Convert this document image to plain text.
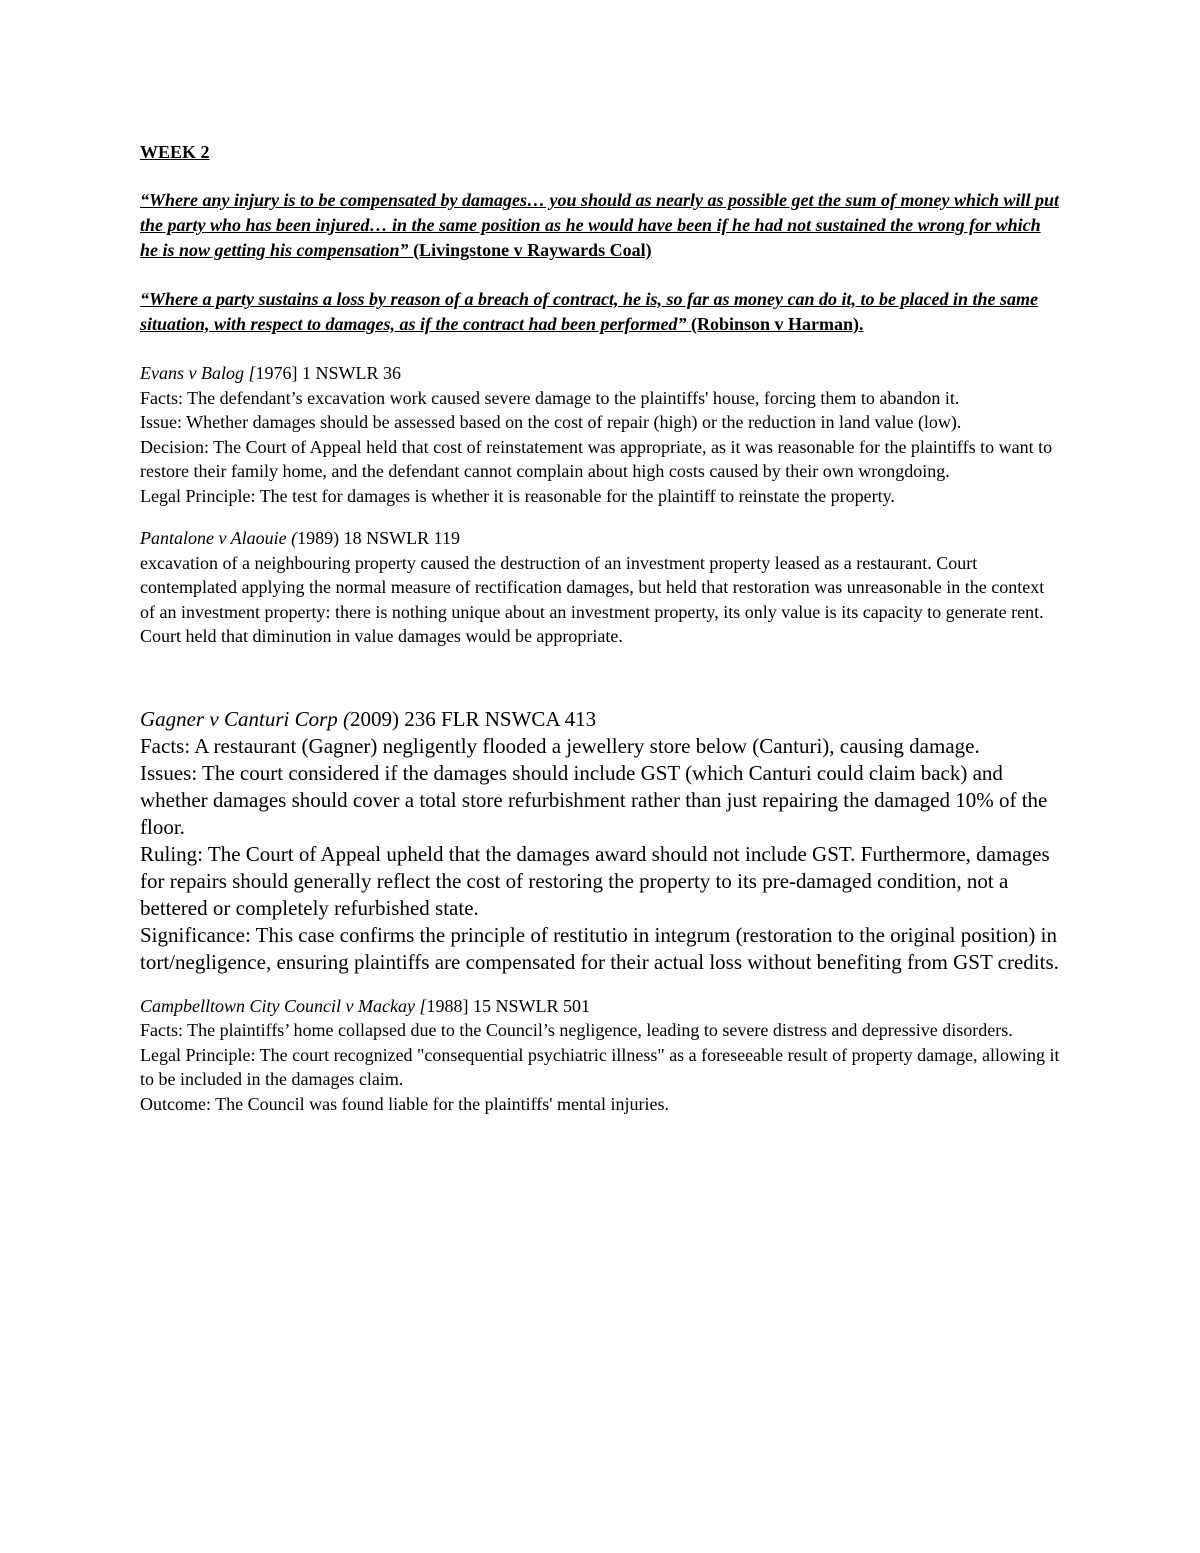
WEEK 2

“Where any injury is to be compensated by damages… you should as nearly as possible get the sum of money which will put the party who has been injured… in the same position as he would have been if he had not sustained the wrong for which he is now getting his compensation” (Livingstone v Raywards Coal)

“Where a party sustains a loss by reason of a breach of contract, he is, so far as money can do it, to be placed in the same situation, with respect to damages, as if the contract had been performed” (Robinson v Harman).

Evans v Balog [1976] 1 NSWLR 36

Facts: The defendant’s excavation work caused severe damage to the plaintiffs' house, forcing them to abandon it.

Issue: Whether damages should be assessed based on the cost of repair (high) or the reduction in land value (low).

Decision: The Court of Appeal held that cost of reinstatement was appropriate, as it was reasonable for the plaintiffs to want to restore their family home, and the defendant cannot complain about high costs caused by their own wrongdoing.

Legal Principle: The test for damages is whether it is reasonable for the plaintiff to reinstate the property.

Pantalone v Alaouie (1989) 18 NSWLR 119

excavation of a neighbouring property caused the destruction of an investment property leased as a restaurant. Court contemplated applying the normal measure of rectification damages, but held that restoration was unreasonable in the context of an investment property: there is nothing unique about an investment property, its only value is its capacity to generate rent. Court held that diminution in value damages would be appropriate.

Gagner v Canturi Corp (2009) 236 FLR NSWCA 413

Facts: A restaurant (Gagner) negligently flooded a jewellery store below (Canturi), causing damage.

Issues: The court considered if the damages should include GST (which Canturi could claim back) and whether damages should cover a total store refurbishment rather than just repairing the damaged 10% of the floor.

Ruling: The Court of Appeal upheld that the damages award should not include GST. Furthermore, damages for repairs should generally reflect the cost of restoring the property to its pre-damaged condition, not a bettered or completely refurbished state.

Significance: This case confirms the principle of restitutio in integrum (restoration to the original position) in tort/negligence, ensuring plaintiffs are compensated for their actual loss without benefiting from GST credits.

Campbelltown City Council v Mackay [1988] 15 NSWLR 501

Facts: The plaintiffs’ home collapsed due to the Council’s negligence, leading to severe distress and depressive disorders.

Legal Principle: The court recognized "consequential psychiatric illness" as a foreseeable result of property damage, allowing it to be included in the damages claim.

Outcome: The Council was found liable for the plaintiffs' mental injuries.
